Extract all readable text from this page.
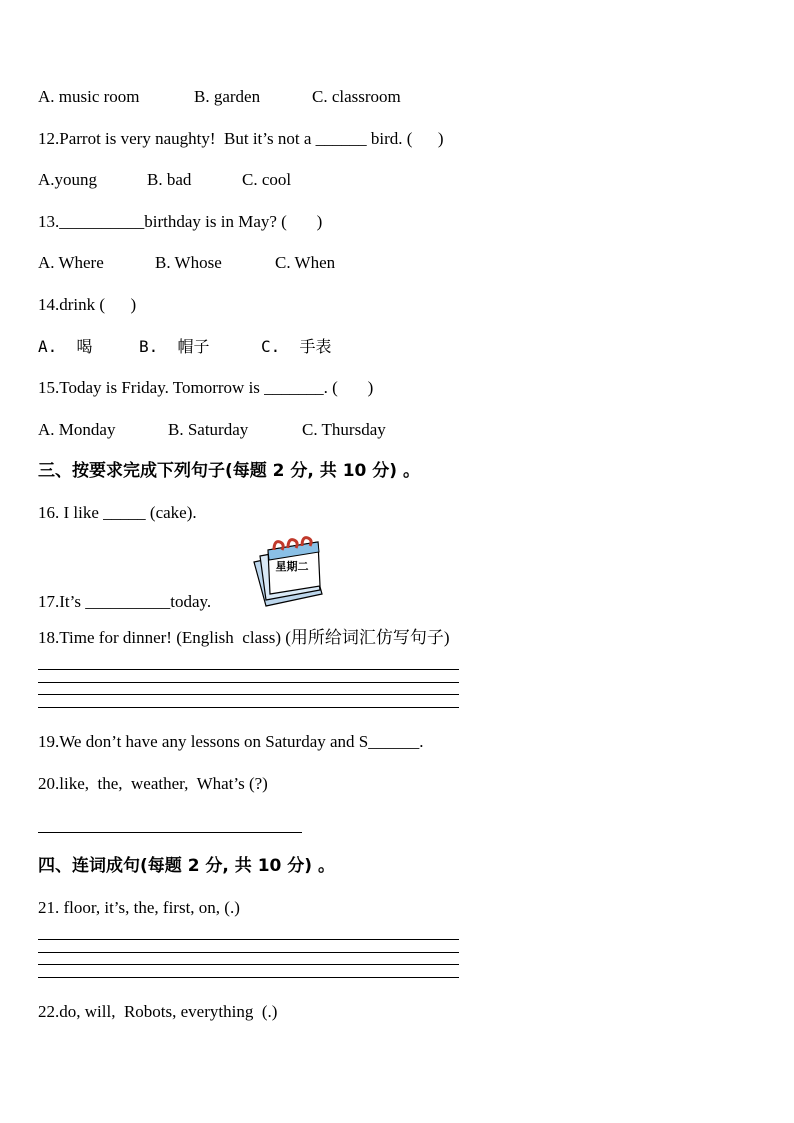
A. music room	B. garden	C. classroom
12.Parrot is very naughty!  But it’s not a ______ bird. (      )
A.young	B. bad	C. cool
13.__________birthday is in May? (       )
A. Where	B. Whose	C. When
14.drink (      )
A.  喝	B.  帽子	C.  手表
15.Today is Friday. Tomorrow is _______. (       )
A. Monday	B. Saturday	C. Thursday
三、按要求完成下列句子(每题 2 分, 共 10 分) 。
16. I like _____ (cake).
星期二
17.It’s __________today.
18.Time for dinner! (English  class) (用所给词汇仿写句子)
19.We don’t have any lessons on Saturday and S______.
20.like,  the,  weather,  What’s (?)
四、连词成句(每题 2 分, 共 10 分) 。
21. floor, it’s, the, first, on, (.)
22.do, will,  Robots, everything  (.)
